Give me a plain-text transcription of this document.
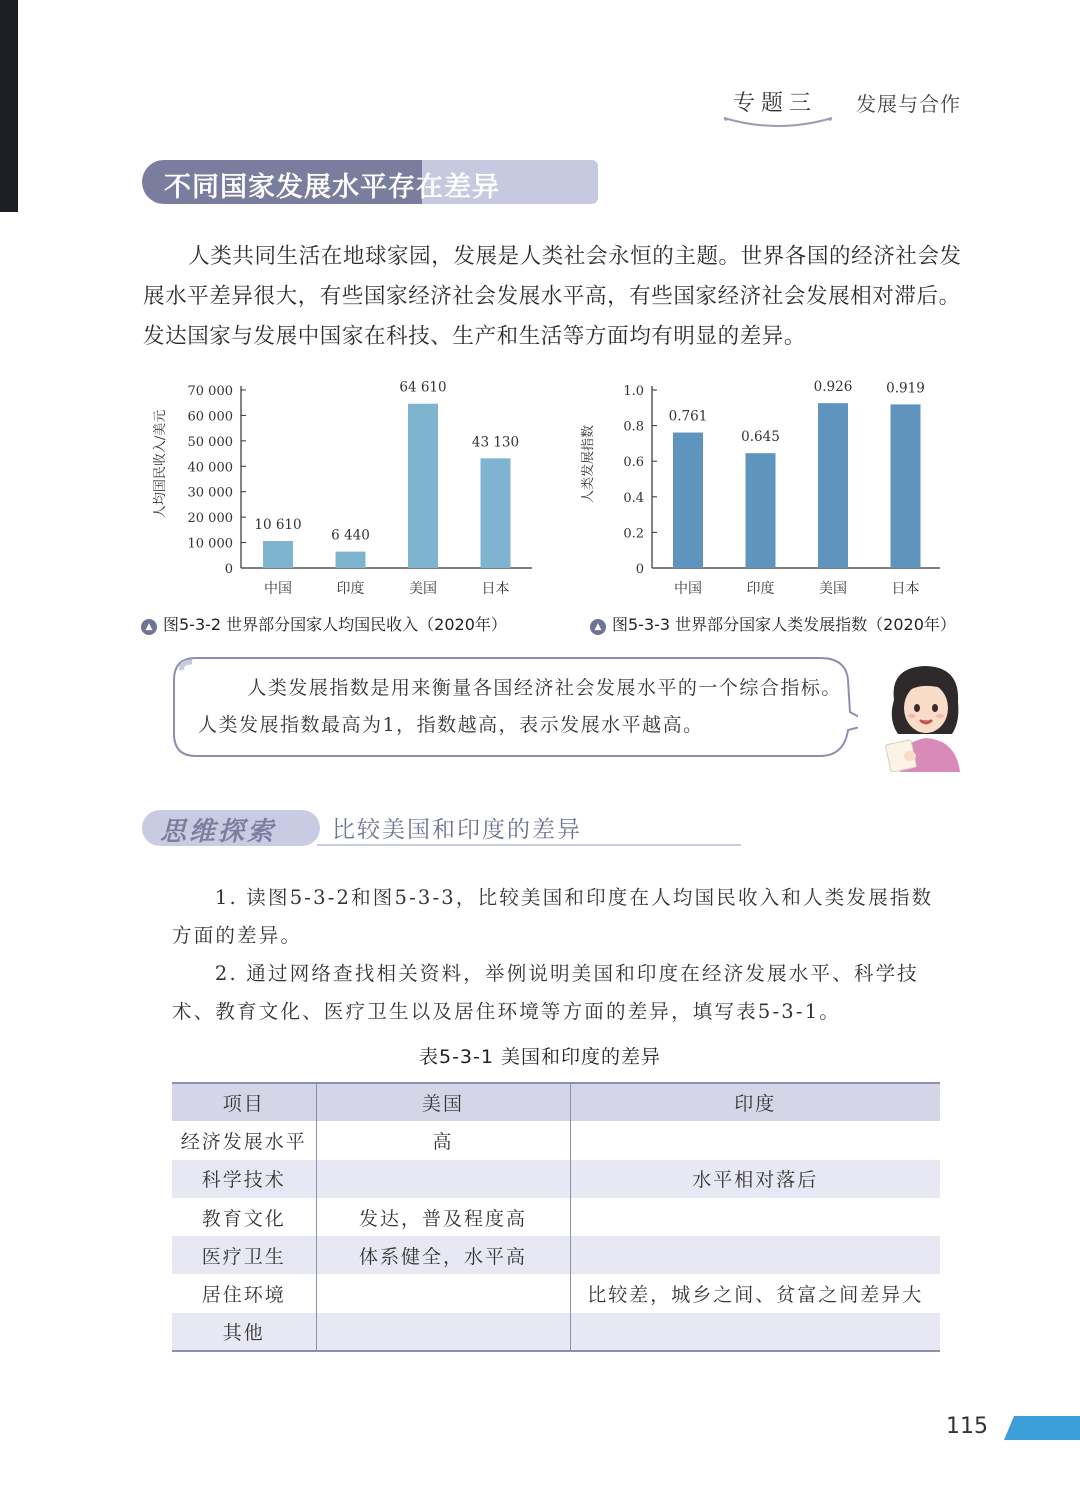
专题三 发展与合作
不同国家发展水平存在差异
人类共同生活在地球家园，发展是人类社会永恒的主题。世界各国的经济社会发展水平差异很大，有些国家经济社会发展水平高，有些国家经济社会发展相对滞后。发达国家与发展中国家在科技、生产和生活等方面均有明显的差异。
0
10 000
20 000
30 000
40 000
50 000
60 000
70 000
人均国民收入/美元
10 610
中国
6 440
印度
64 610
美国
43 130
日本
0
0.2
0.4
0.6
0.8
1.0
人类发展指数
0.761
中国
0.645
印度
0.926
美国
0.919
日本
▲ 图5-3-2 世界部分国家人均国民收入（2020年）	▲ 图5-3-3 世界部分国家人类发展指数（2020年）
人类发展指数是用来衡量各国经济社会发展水平的一个综合指标。人类发展指数最高为1，指数越高，表示发展水平越高。
思维探索 比较美国和印度的差异
1. 读图5-3-2和图5-3-3，比较美国和印度在人均国民收入和人类发展指数方面的差异。
2. 通过网络查找相关资料，举例说明美国和印度在经济发展水平、科学技术、教育文化、医疗卫生以及居住环境等方面的差异，填写表5-3-1。
表5-3-1 美国和印度的差异
项目	美国	印度
经济发展水平	高	
科学技术		水平相对落后
教育文化	发达，普及程度高	
医疗卫生	体系健全，水平高	
居住环境		比较差，城乡之间、贫富之间差异大
其他		
115
